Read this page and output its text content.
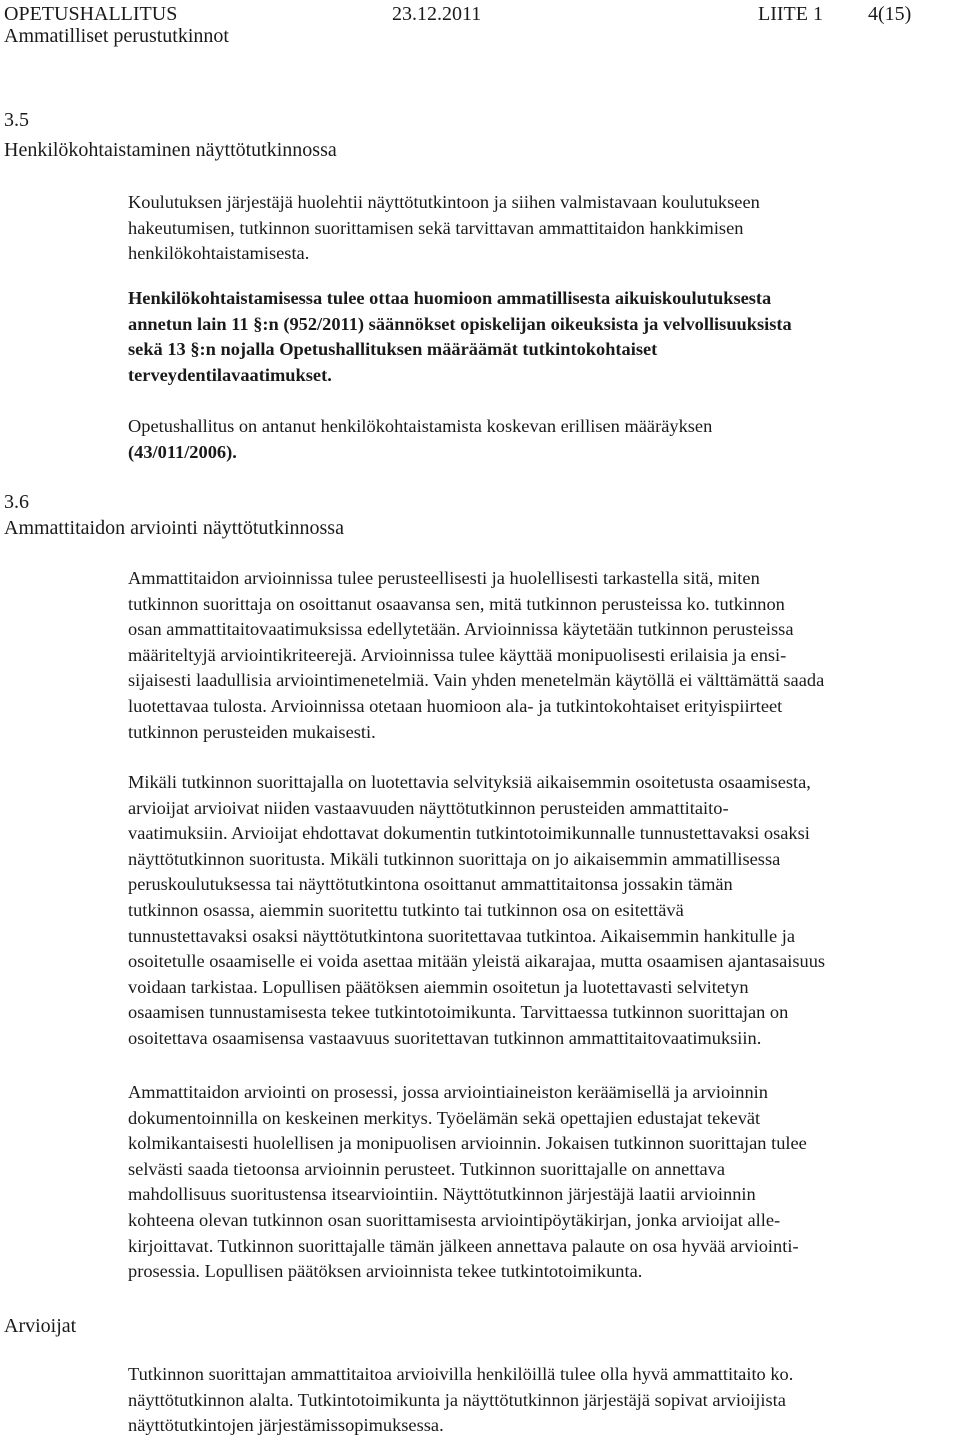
OPETUSHALLITUS	23.12.2011	LIITE 1 4(15)
Ammatilliset perustutkinnot
3.5
Henkilökohtaistaminen näyttötutkinnossa
Koulutuksen järjestäjä huolehtii näyttötutkintoon ja siihen valmistavaan koulutukseen
hakeutumisen, tutkinnon suorittamisen sekä tarvittavan ammattitaidon hankkimisen
henkilökohtaistamisesta.
Henkilökohtaistamisessa tulee ottaa huomioon ammatillisesta aikuiskoulutuksesta
annetun lain 11 §:n (952/2011) säännökset opiskelijan oikeuksista ja velvollisuuksista
sekä 13 §:n nojalla Opetushallituksen määräämät tutkintokohtaiset
terveydentilavaatimukset.
Opetushallitus on antanut henkilökohtaistamista koskevan erillisen määräyksen
(43/011/2006).
3.6
Ammattitaidon arviointi näyttötutkinnossa
Ammattitaidon arvioinnissa tulee perusteellisesti ja huolellisesti tarkastella sitä, miten
tutkinnon suorittaja on osoittanut osaavansa sen, mitä tutkinnon perusteissa ko. tutkinnon
osan ammattitaitovaatimuksissa edellytetään. Arvioinnissa käytetään tutkinnon perusteissa
määriteltyjä arviointikriteerejä. Arvioinnissa tulee käyttää monipuolisesti erilaisia ja ensi-
sijaisesti laadullisia arviointimenetelmiä. Vain yhden menetelmän käytöllä ei välttämättä saada
luotettavaa tulosta. Arvioinnissa otetaan huomioon ala- ja tutkintokohtaiset erityispiirteet
tutkinnon perusteiden mukaisesti.
Mikäli tutkinnon suorittajalla on luotettavia selvityksiä aikaisemmin osoitetusta osaamisesta,
arvioijat arvioivat niiden vastaavuuden näyttötutkinnon perusteiden ammattitaito-
vaatimuksiin. Arvioijat ehdottavat dokumentin tutkintotoimikunnalle tunnustettavaksi osaksi
näyttötutkinnon suoritusta. Mikäli tutkinnon suorittaja on jo aikaisemmin ammatillisessa
peruskoulutuksessa tai näyttötutkintona osoittanut ammattitaitonsa jossakin tämän
tutkinnon osassa, aiemmin suoritettu tutkinto tai tutkinnon osa on esitettävä
tunnustettavaksi osaksi näyttötutkintona suoritettavaa tutkintoa. Aikaisemmin hankitulle ja
osoitetulle osaamiselle ei voida asettaa mitään yleistä aikarajaa, mutta osaamisen ajantasaisuus
voidaan tarkistaa. Lopullisen päätöksen aiemmin osoitetun ja luotettavasti selvitetyn
osaamisen tunnustamisesta tekee tutkintotoimikunta. Tarvittaessa tutkinnon suorittajan on
osoitettava osaamisensa vastaavuus suoritettavan tutkinnon ammattitaitovaatimuksiin.
Ammattitaidon arviointi on prosessi, jossa arviointiaineiston keräämisellä ja arvioinnin
dokumentoinnilla on keskeinen merkitys. Työelämän sekä opettajien edustajat tekevät
kolmikantaisesti huolellisen ja monipuolisen arvioinnin. Jokaisen tutkinnon suorittajan tulee
selvästi saada tietoonsa arvioinnin perusteet. Tutkinnon suorittajalle on annettava
mahdollisuus suoritustensa itsearviointiin. Näyttötutkinnon järjestäjä laatii arvioinnin
kohteena olevan tutkinnon osan suorittamisesta arviointipöytäkirjan, jonka arvioijat alle-
kirjoittavat. Tutkinnon suorittajalle tämän jälkeen annettava palaute on osa hyvää arviointi-
prosessia. Lopullisen päätöksen arvioinnista tekee tutkintotoimikunta.
Arvioijat
Tutkinnon suorittajan ammattitaitoa arvioivilla henkilöillä tulee olla hyvä ammattitaito ko.
näyttötutkinnon alalta. Tutkintotoimikunta ja näyttötutkinnon järjestäjä sopivat arvioijista
näyttötutkintojen järjestämissopimuksessa.
